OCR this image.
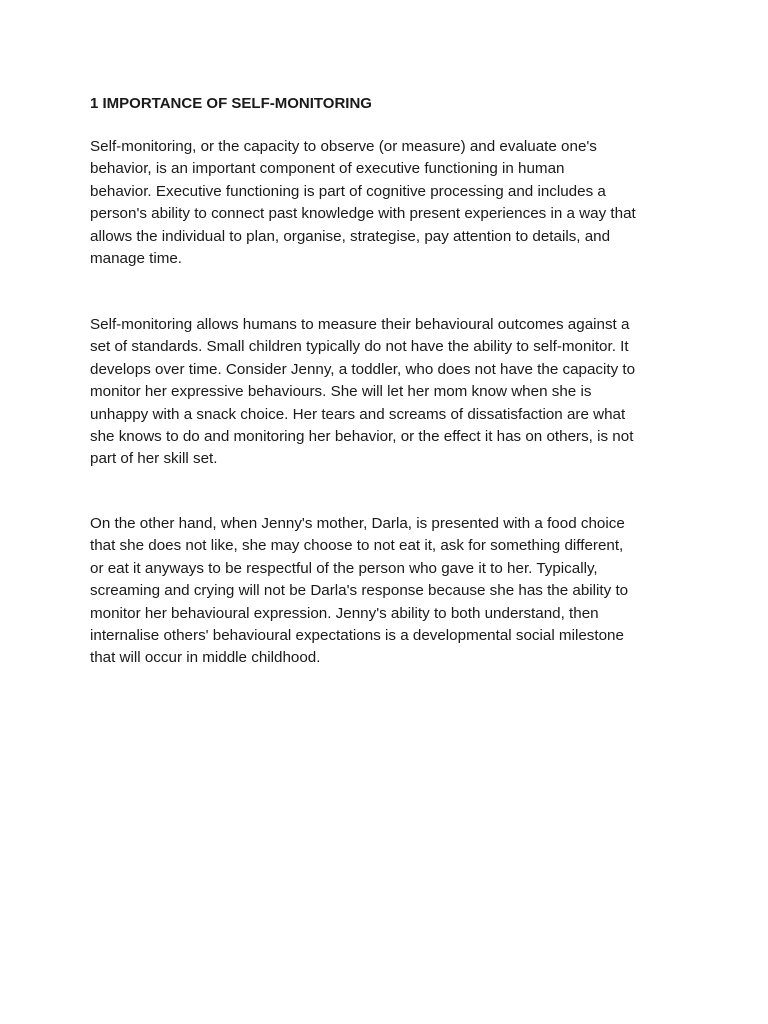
1 IMPORTANCE OF SELF-MONITORING

Self-monitoring, or the capacity to observe (or measure) and evaluate one's
behavior, is an important component of executive functioning in human
behavior. Executive functioning is part of cognitive processing and includes a
person's ability to connect past knowledge with present experiences in a way that
allows the individual to plan, organise, strategise, pay attention to details, and
manage time.

Self-monitoring allows humans to measure their behavioural outcomes against a
set of standards. Small children typically do not have the ability to self-monitor. It
develops over time. Consider Jenny, a toddler, who does not have the capacity to
monitor her expressive behaviours. She will let her mom know when she is
unhappy with a snack choice. Her tears and screams of dissatisfaction are what
she knows to do and monitoring her behavior, or the effect it has on others, is not
part of her skill set.

On the other hand, when Jenny's mother, Darla, is presented with a food choice
that she does not like, she may choose to not eat it, ask for something different,
or eat it anyways to be respectful of the person who gave it to her. Typically,
screaming and crying will not be Darla's response because she has the ability to
monitor her behavioural expression. Jenny's ability to both understand, then
internalise others' behavioural expectations is a developmental social milestone
that will occur in middle childhood.
